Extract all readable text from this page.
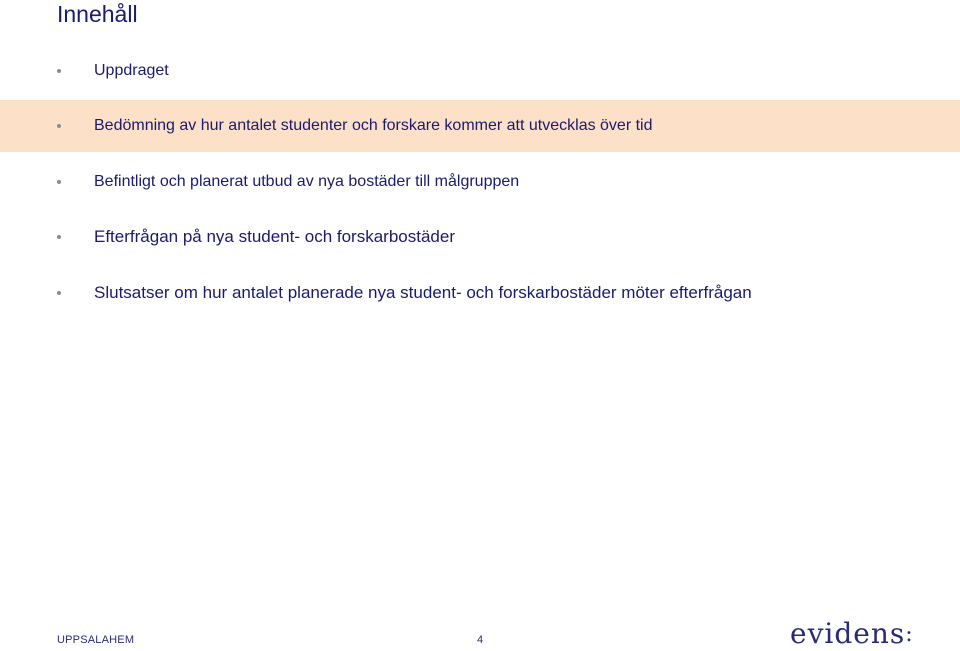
Innehåll
Uppdraget
Bedömning av hur antalet studenter och forskare kommer att utvecklas över tid
Befintligt och planerat utbud av nya bostäder till målgruppen
Efterfrågan på nya student- och forskarbostäder
Slutsatser om hur antalet planerade nya student- och forskarbostäder möter efterfrågan
UPPSALAHEM	4	evidens:
